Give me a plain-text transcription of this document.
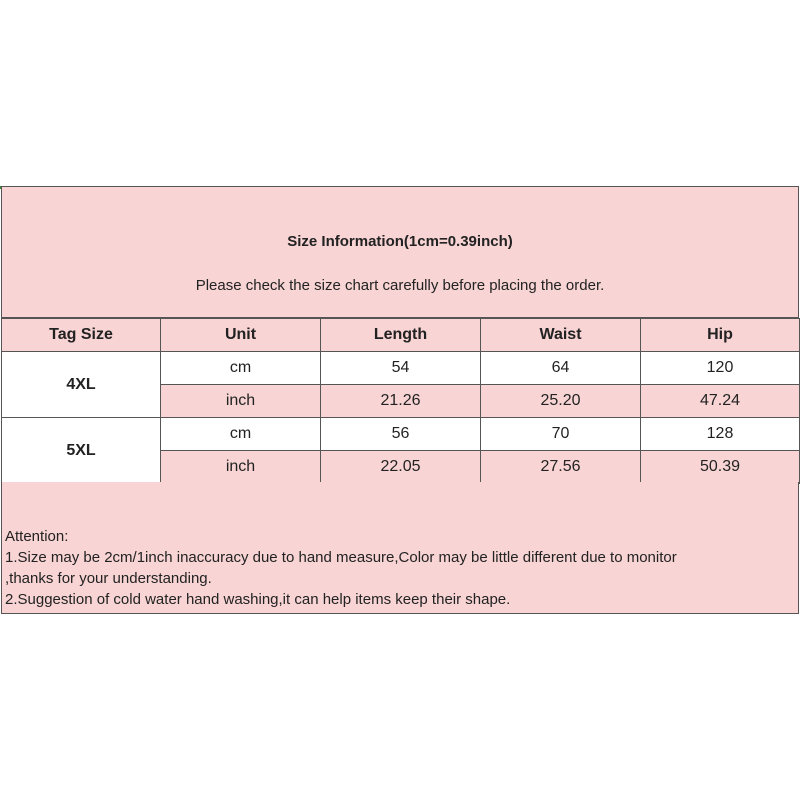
Size Information(1cm=0.39inch)
Please check the size chart carefully before placing the order.
Tag Size	Unit	Length	Waist	Hip
4XL	cm	54	64	120
	inch	21.26	25.20	47.24
5XL	cm	56	70	128
	inch	22.05	27.56	50.39
Attention:
1.Size may be 2cm/1inch inaccuracy due to hand measure,Color may be little different due to monitor
,thanks for your understanding.
2.Suggestion of cold water hand washing,it can help items keep their shape.
